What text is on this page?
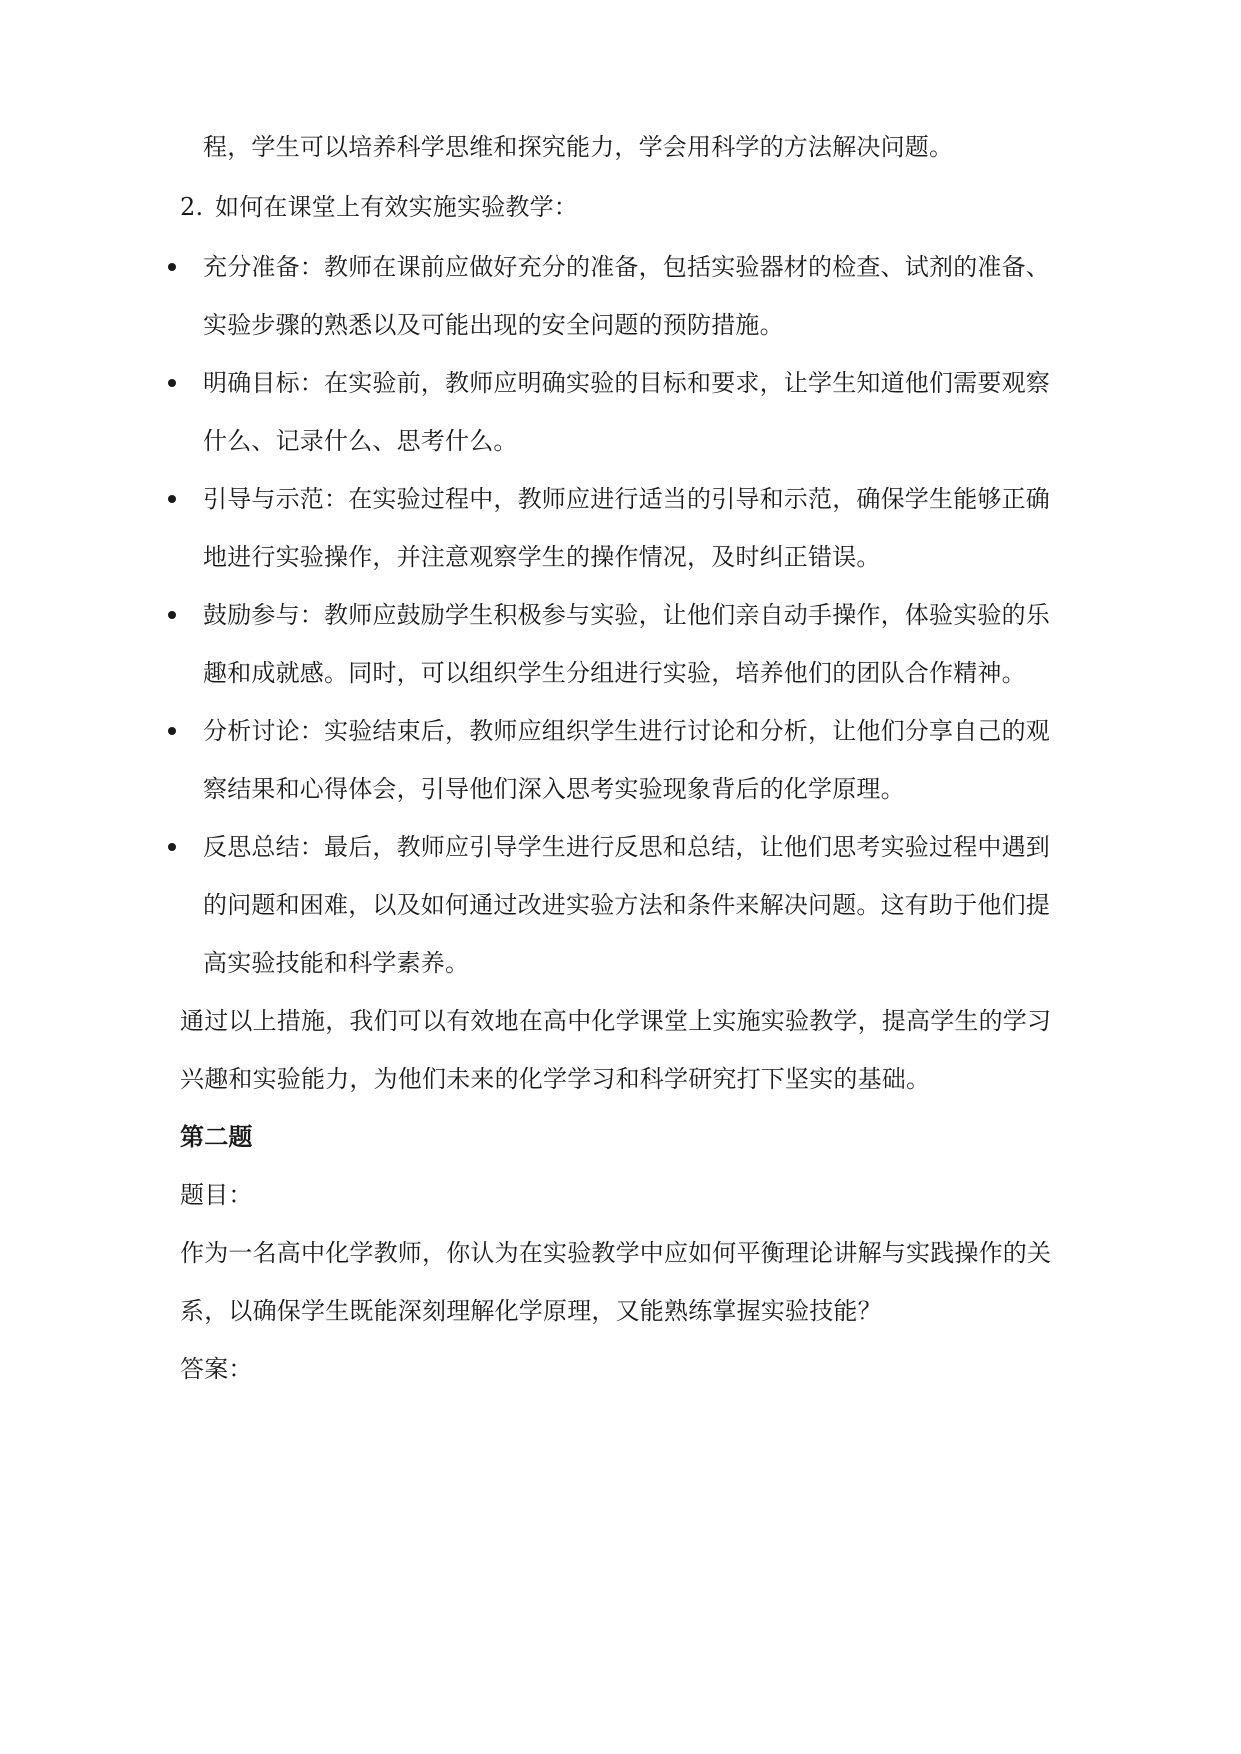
程，学生可以培养科学思维和探究能力，学会用科学的方法解决问题。
2. 如何在课堂上有效实施实验教学：
充分准备：教师在课前应做好充分的准备，包括实验器材的检查、试剂的准备、
实验步骤的熟悉以及可能出现的安全问题的预防措施。
明确目标：在实验前，教师应明确实验的目标和要求，让学生知道他们需要观察
什么、记录什么、思考什么。
引导与示范：在实验过程中，教师应进行适当的引导和示范，确保学生能够正确
地进行实验操作，并注意观察学生的操作情况，及时纠正错误。
鼓励参与：教师应鼓励学生积极参与实验，让他们亲自动手操作，体验实验的乐
趣和成就感。同时，可以组织学生分组进行实验，培养他们的团队合作精神。
分析讨论：实验结束后，教师应组织学生进行讨论和分析，让他们分享自己的观
察结果和心得体会，引导他们深入思考实验现象背后的化学原理。
反思总结：最后，教师应引导学生进行反思和总结，让他们思考实验过程中遇到
的问题和困难，以及如何通过改进实验方法和条件来解决问题。这有助于他们提
高实验技能和科学素养。
通过以上措施，我们可以有效地在高中化学课堂上实施实验教学，提高学生的学习
兴趣和实验能力，为他们未来的化学学习和科学研究打下坚实的基础。
第二题
题目：
作为一名高中化学教师，你认为在实验教学中应如何平衡理论讲解与实践操作的关
系，以确保学生既能深刻理解化学原理，又能熟练掌握实验技能？
答案：
